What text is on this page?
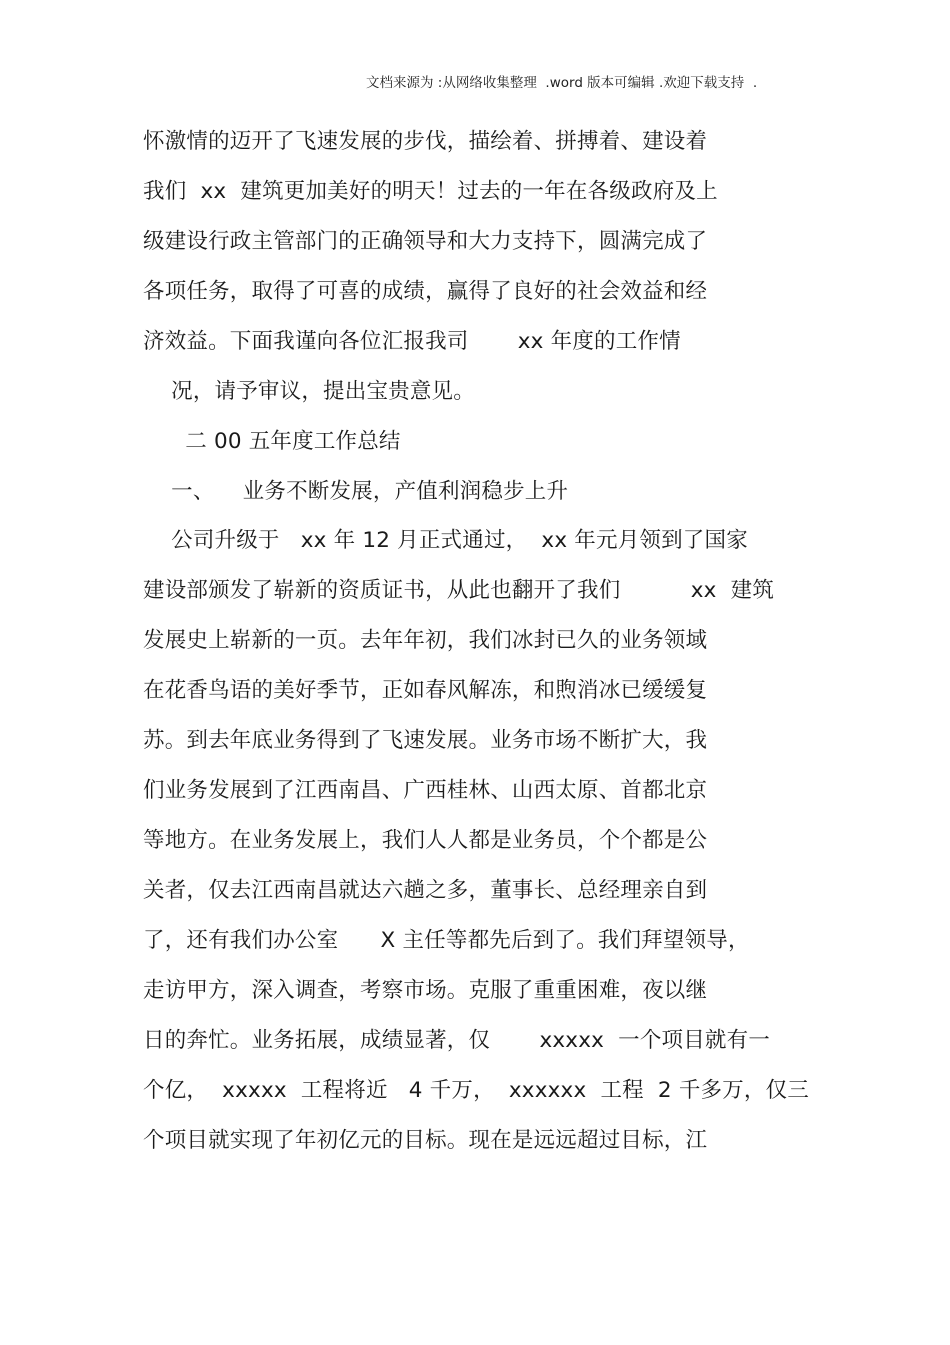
文档来源为 :从网络收集整理  .word 版本可编辑 .欢迎下载支持  .
怀激情的迈开了飞速发展的步伐，描绘着、拼搏着、建设着
我们  xx  建筑更加美好的明天！过去的一年在各级政府及上
级建设行政主管部门的正确领导和大力支持下，圆满完成了
各项任务，取得了可喜的成绩，赢得了良好的社会效益和经
济效益。下面我谨向各位汇报我司       xx 年度的工作情
况，请予审议，提出宝贵意见。
二 00 五年度工作总结
一、    业务不断发展，产值利润稳步上升
公司升级于   xx 年 12 月正式通过，  xx 年元月领到了国家
建设部颁发了崭新的资质证书，从此也翻开了我们          xx  建筑
发展史上崭新的一页。去年年初，我们冰封已久的业务领域
在花香鸟语的美好季节，正如春风解冻，和煦消冰已缓缓复
苏。到去年底业务得到了飞速发展。业务市场不断扩大，我
们业务发展到了江西南昌、广西桂林、山西太原、首都北京
等地方。在业务发展上，我们人人都是业务员，个个都是公
关者，仅去江西南昌就达六趟之多，董事长、总经理亲自到
了，还有我们办公室      X 主任等都先后到了。我们拜望领导，
走访甲方，深入调查，考察市场。克服了重重困难，夜以继
日的奔忙。业务拓展，成绩显著，仅       xxxxx  一个项目就有一
个亿，  xxxxx  工程将近   4 千万，  xxxxxx  工程  2 千多万，仅三
个项目就实现了年初亿元的目标。现在是远远超过目标，江
